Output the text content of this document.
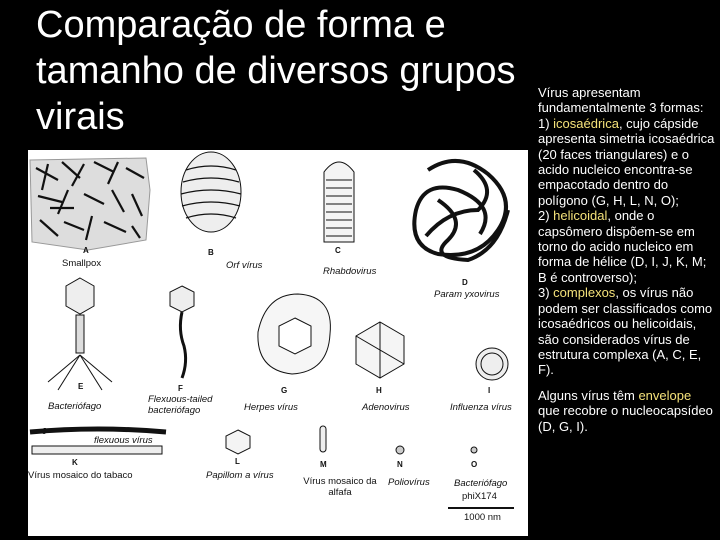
Comparação de forma e tamanho de diversos grupos virais

Vírus apresentam fundamentalmente 3 formas:

1) icosaédrica, cujo cápside apresenta simetria icosaédrica (20 faces triangulares) e o acido nucleico encontra-se empacotado dentro do polígono (G, H, L, N, O);

2) helicoidal, onde o capsômero dispõem-se em torno do acido nucleico em forma de hélice (D, I, J, K, M; B é controverso);

3) complexos, os vírus não podem ser classificados como icosaédricos ou helicoidais, são considerados vírus de estrutura complexa (A, C, E, F).

Alguns vírus têm envelope que recobre o nucleocapsídeo (D, G, I).

Smallpox	Orf vírus
Rhabdovirus
Param yxovirus
Bacteriófago
Flexuous-tailed bacteriófago	Herpes vírus	Adenovirus	Influenza vírus
flexuous vírus
Vírus mosaico do tabaco	Papillom a vírus
Vírus mosaico da alfafa
Poliovírus	Bacteriófago
phiX174
1000 nm
A	B	C
D
E	F	G	H	I
J
K	L	M	N	O
